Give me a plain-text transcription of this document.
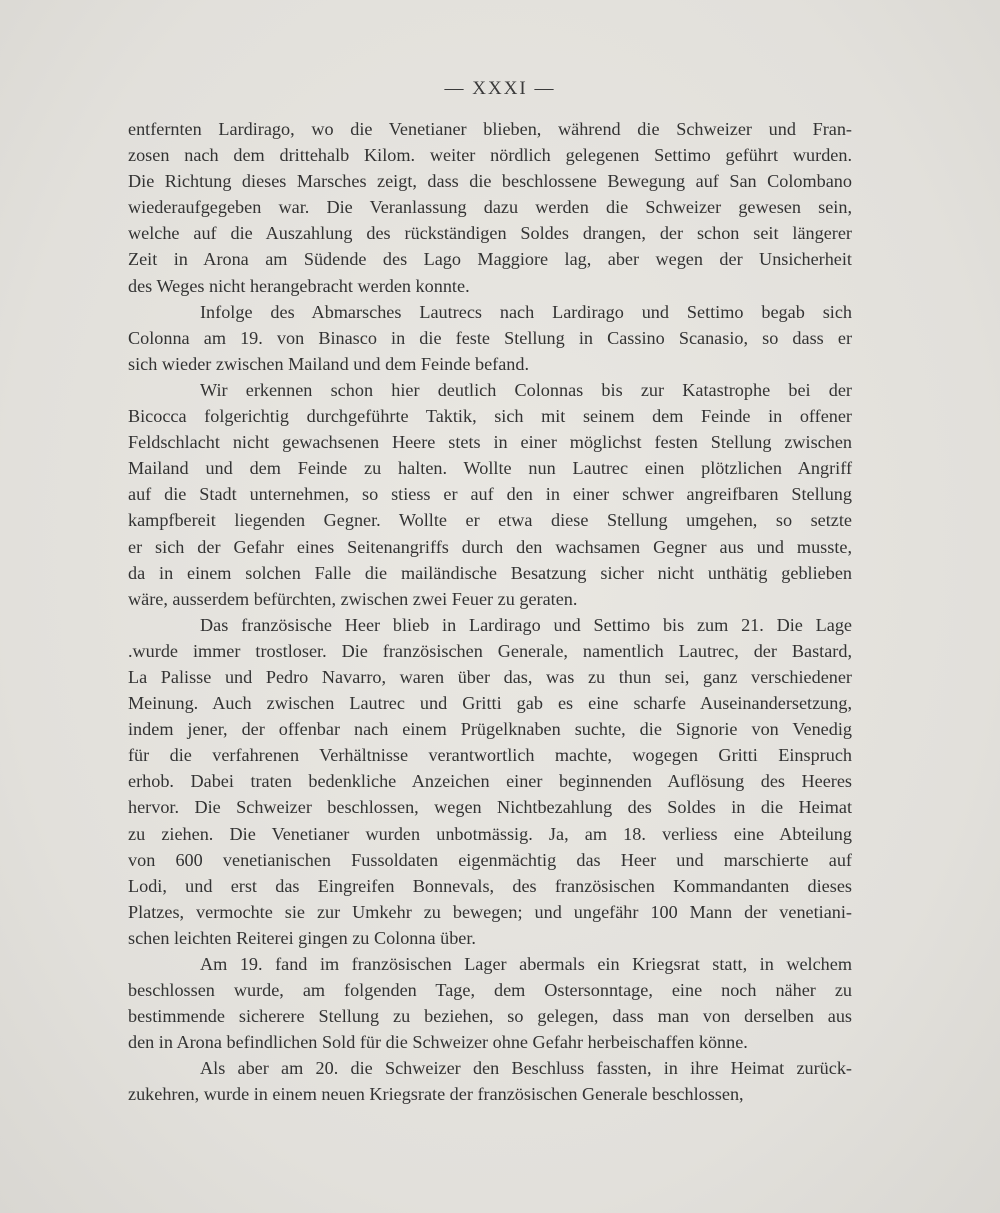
— XXXI —
entfernten Lardirago, wo die Venetianer blieben, während die Schweizer und Fran-
zosen nach dem drittehalb Kilom. weiter nördlich gelegenen Settimo geführt wurden.
Die Richtung dieses Marsches zeigt, dass die beschlossene Bewegung auf San Colombano
wiederaufgegeben war. Die Veranlassung dazu werden die Schweizer gewesen sein,
welche auf die Auszahlung des rückständigen Soldes drangen, der schon seit längerer
Zeit in Arona am Südende des Lago Maggiore lag, aber wegen der Unsicherheit
des Weges nicht herangebracht werden konnte.
Infolge des Abmarsches Lautrecs nach Lardirago und Settimo begab sich
Colonna am 19. von Binasco in die feste Stellung in Cassino Scanasio, so dass er
sich wieder zwischen Mailand und dem Feinde befand.
Wir erkennen schon hier deutlich Colonnas bis zur Katastrophe bei der
Bicocca folgerichtig durchgeführte Taktik, sich mit seinem dem Feinde in offener
Feldschlacht nicht gewachsenen Heere stets in einer möglichst festen Stellung zwischen
Mailand und dem Feinde zu halten. Wollte nun Lautrec einen plötzlichen Angriff
auf die Stadt unternehmen, so stiess er auf den in einer schwer angreifbaren Stellung
kampfbereit liegenden Gegner. Wollte er etwa diese Stellung umgehen, so setzte
er sich der Gefahr eines Seitenangriffs durch den wachsamen Gegner aus und musste,
da in einem solchen Falle die mailändische Besatzung sicher nicht unthätig geblieben
wäre, ausserdem befürchten, zwischen zwei Feuer zu geraten.
Das französische Heer blieb in Lardirago und Settimo bis zum 21. Die Lage
.wurde immer trostloser. Die französischen Generale, namentlich Lautrec, der Bastard,
La Palisse und Pedro Navarro, waren über das, was zu thun sei, ganz verschiedener
Meinung. Auch zwischen Lautrec und Gritti gab es eine scharfe Auseinandersetzung,
indem jener, der offenbar nach einem Prügelknaben suchte, die Signorie von Venedig
für die verfahrenen Verhältnisse verantwortlich machte, wogegen Gritti Einspruch
erhob. Dabei traten bedenkliche Anzeichen einer beginnenden Auflösung des Heeres
hervor. Die Schweizer beschlossen, wegen Nichtbezahlung des Soldes in die Heimat
zu ziehen. Die Venetianer wurden unbotmässig. Ja, am 18. verliess eine Abteilung
von 600 venetianischen Fussoldaten eigenmächtig das Heer und marschierte auf
Lodi, und erst das Eingreifen Bonnevals, des französischen Kommandanten dieses
Platzes, vermochte sie zur Umkehr zu bewegen; und ungefähr 100 Mann der venetiani-
schen leichten Reiterei gingen zu Colonna über.
Am 19. fand im französischen Lager abermals ein Kriegsrat statt, in welchem
beschlossen wurde, am folgenden Tage, dem Ostersonntage, eine noch näher zu
bestimmende sicherere Stellung zu beziehen, so gelegen, dass man von derselben aus
den in Arona befindlichen Sold für die Schweizer ohne Gefahr herbeischaffen könne.
Als aber am 20. die Schweizer den Beschluss fassten, in ihre Heimat zurück-
zukehren, wurde in einem neuen Kriegsrate der französischen Generale beschlossen,
